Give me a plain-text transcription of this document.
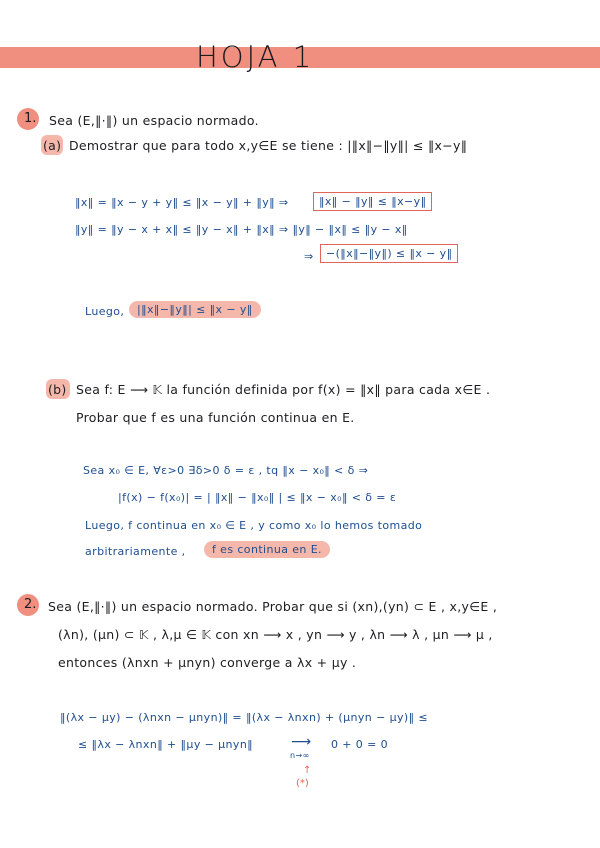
HOJA 1
1. Sea (E,‖·‖) un espacio normado.
(a) Demostrar que para todo x,y∈E se tiene : |‖x‖−‖y‖| ≤ ‖x−y‖
‖x‖ = ‖x − y + y‖ ≤ ‖x − y‖ + ‖y‖ ⇒	‖x‖ − ‖y‖ ≤ ‖x−y‖
‖y‖ = ‖y − x + x‖ ≤ ‖y − x‖ + ‖x‖ ⇒ ‖y‖ − ‖x‖ ≤ ‖y − x‖
⇒	−(‖x‖−‖y‖) ≤ ‖x − y‖
Luego,	|‖x‖−‖y‖| ≤ ‖x − y‖
(b) Sea f: E ⟶ 𝕂 la función definida por f(x) = ‖x‖ para cada x∈E .
Probar que f es una función continua en E.
Sea x₀ ∈ E, ∀ε>0 ∃δ>0 δ = ε , tq ‖x − x₀‖ < δ ⇒
|f(x) − f(x₀)| = | ‖x‖ − ‖x₀‖ | ≤ ‖x − x₀‖ < δ = ε
Luego, f continua en x₀ ∈ E , y como x₀ lo hemos tomado
arbitrariamente ,	f es continua en E.
2. Sea (E,‖·‖) un espacio normado. Probar que si (xn),(yn) ⊂ E , x,y∈E ,
(λn), (μn) ⊂ 𝕂 , λ,μ ∈ 𝕂 con xn ⟶ x , yn ⟶ y , λn ⟶ λ , μn ⟶ μ ,
entonces (λnxn + μnyn) converge a λx + μy .
‖(λx − μy) − (λnxn − μnyn)‖ = ‖(λx − λnxn) + (μnyn − μy)‖ ≤
≤ ‖λx − λnxn‖ + ‖μy − μnyn‖	⟶
n→∞
0 + 0 = 0
↑
(*)
